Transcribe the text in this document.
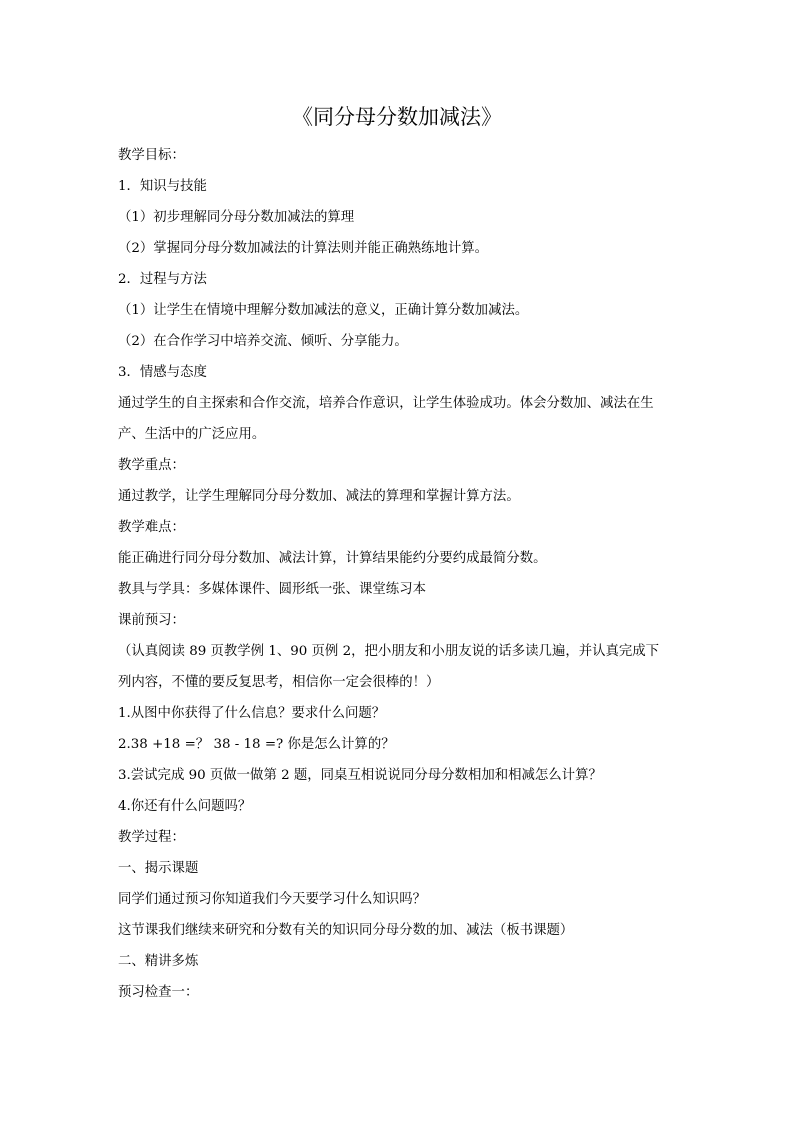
《同分母分数加减法》
教学目标：
1．知识与技能
（1）初步理解同分母分数加减法的算理
（2）掌握同分母分数加减法的计算法则并能正确熟练地计算。
2．过程与方法
（1）让学生在情境中理解分数加减法的意义，正确计算分数加减法。
（2）在合作学习中培养交流、倾听、分享能力。
3．情感与态度
通过学生的自主探索和合作交流，培养合作意识，让学生体验成功。体会分数加、减法在生
产、生活中的广泛应用。
教学重点：
通过教学，让学生理解同分母分数加、减法的算理和掌握计算方法。
教学难点：
能正确进行同分母分数加、减法计算，计算结果能约分要约成最简分数。
教具与学具：多媒体课件、圆形纸一张、课堂练习本
课前预习：
（认真阅读 89 页教学例 1、90 页例 2，把小朋友和小朋友说的话多读几遍，并认真完成下
列内容，不懂的要反复思考，相信你一定会很棒的！）
1.从图中你获得了什么信息？要求什么问题？
2.38 +18 =？ 38 - 18 =? 你是怎么计算的？
3.尝试完成 90 页做一做第 2 题，同桌互相说说同分母分数相加和相减怎么计算？
4.你还有什么问题吗？
教学过程：
一、揭示课题
同学们通过预习你知道我们今天要学习什么知识吗？
这节课我们继续来研究和分数有关的知识同分母分数的加、减法（板书课题）
二、精讲多炼
预习检查一：
